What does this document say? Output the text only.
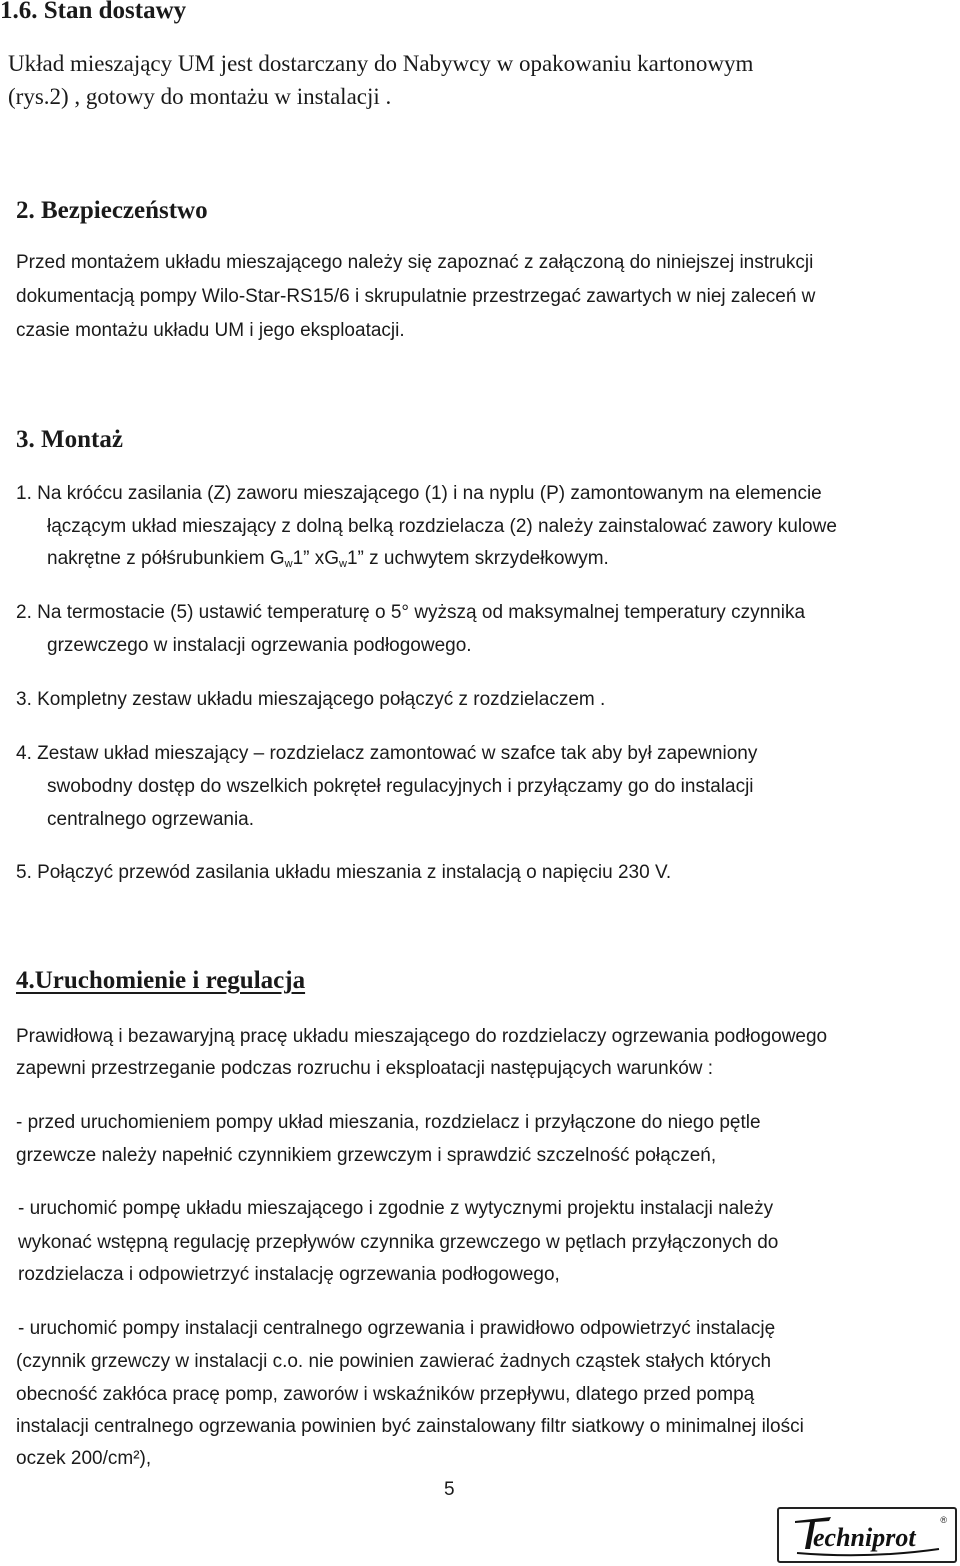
1.6. Stan dostawy

Układ mieszający UM jest dostarczany do Nabywcy w opakowaniu kartonowym

(rys.2) , gotowy do montażu w instalacji .

2. Bezpieczeństwo

Przed montażem układu mieszającego należy się zapoznać z załączoną do niniejszej instrukcji

dokumentacją pompy Wilo-Star-RS15/6 i skrupulatnie przestrzegać zawartych w niej zaleceń w

czasie montażu układu UM i jego eksploatacji.

3. Montaż

1. Na króćcu zasilania (Z) zaworu mieszającego (1) i na nyplu (P) zamontowanym na elemencie

łączącym układ mieszający z dolną belką rozdzielacza (2) należy zainstalować zawory kulowe

nakrętne z półśrubunkiem $G_w1$” $xG_w1$” z uchwytem skrzydełkowym.

2. Na termostacie (5) ustawić temperaturę o 5° wyższą od maksymalnej temperatury czynnika

grzewczego w instalacji ogrzewania podłogowego.

3. Kompletny zestaw układu mieszającego połączyć z rozdzielaczem .

4. Zestaw układ mieszający – rozdzielacz zamontować w szafce tak aby był zapewniony

swobodny dostęp do wszelkich pokręteł regulacyjnych i przyłączamy go do instalacji

centralnego ogrzewania.

5. Połączyć przewód zasilania układu mieszania z instalacją o napięciu 230 V.

4.Uruchomienie i regulacja

Prawidłową i bezawaryjną pracę układu mieszającego do rozdzielaczy ogrzewania podłogowego

zapewni przestrzeganie podczas rozruchu i eksploatacji następujących warunków :

- przed uruchomieniem pompy układ mieszania, rozdzielacz i przyłączone do niego pętle

grzewcze należy napełnić czynnikiem grzewczym i sprawdzić szczelność połączeń,

- uruchomić pompę układu mieszającego i zgodnie z wytycznymi projektu instalacji należy

wykonać wstępną regulację przepływów czynnika grzewczego w pętlach przyłączonych do

rozdzielacza i odpowietrzyć instalację ogrzewania podłogowego,

- uruchomić pompy instalacji centralnego ogrzewania i prawidłowo odpowietrzyć instalację

(czynnik grzewczy w instalacji c.o. nie powinien zawierać żadnych cząstek stałych których

obecność zakłóca pracę pomp, zaworów i wskaźników przepływu, dlatego przed pompą

instalacji centralnego ogrzewania powinien być zainstalowany filtr siatkowy o minimalnej ilości

oczek 200/cm²),

5

echniprot
®
